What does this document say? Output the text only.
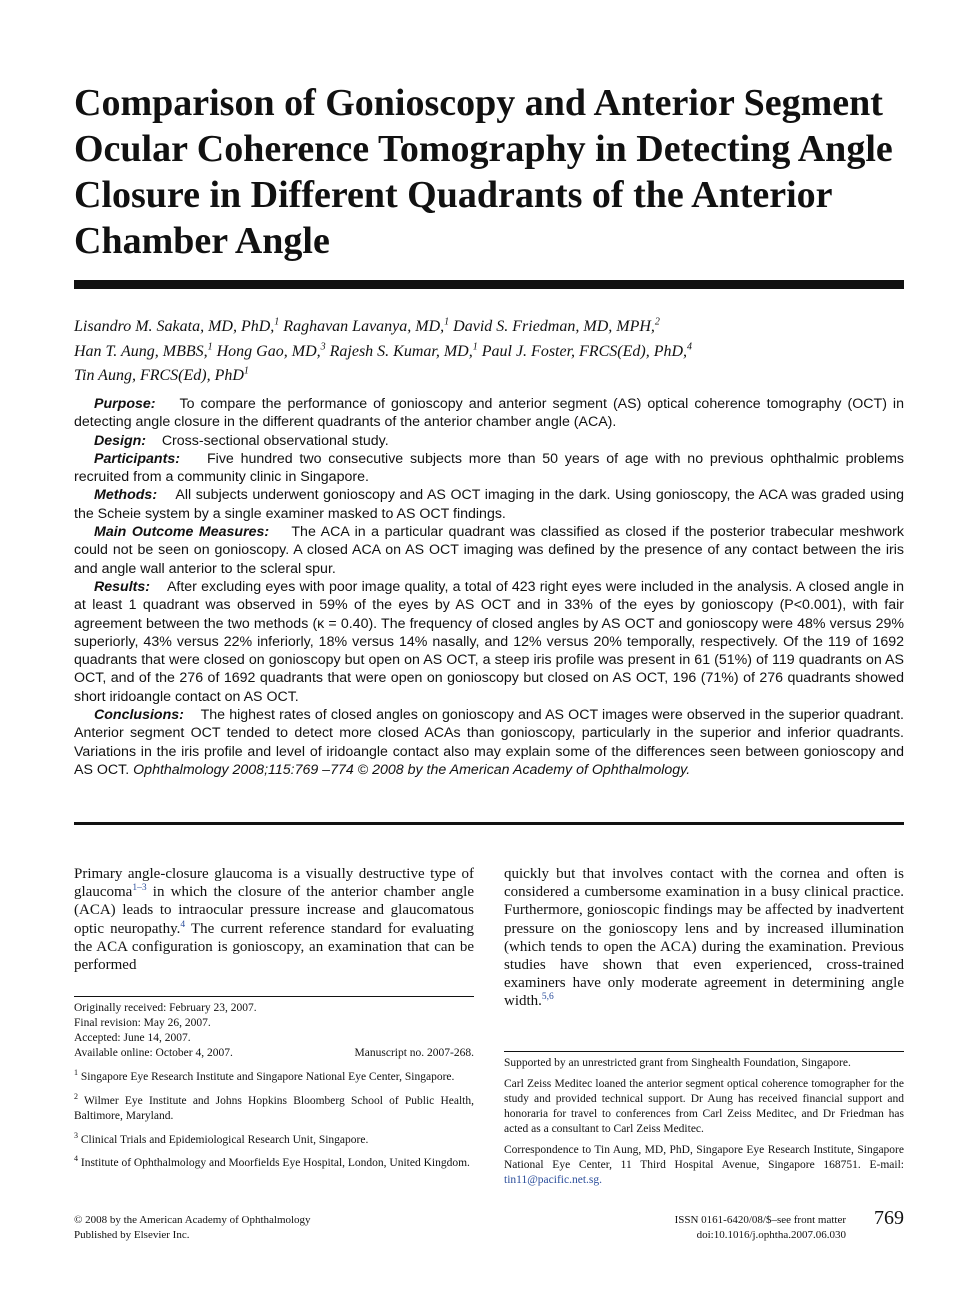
Comparison of Gonioscopy and Anterior Segment Ocular Coherence Tomography in Detecting Angle Closure in Different Quadrants of the Anterior Chamber Angle
Lisandro M. Sakata, MD, PhD,$^1$ Raghavan Lavanya, MD,$^1$ David S. Friedman, MD, MPH,$^2$
Han T. Aung, MBBS,$^1$ Hong Gao, MD,$^3$ Rajesh S. Kumar, MD,$^1$ Paul J. Foster, FRCS(Ed), PhD,$^4$
Tin Aung, FRCS(Ed), PhD$^1$

Purpose: To compare the performance of gonioscopy and anterior segment (AS) optical coherence tomography (OCT) in detecting angle closure in the different quadrants of the anterior chamber angle (ACA).

Design: Cross-sectional observational study.

Participants: Five hundred two consecutive subjects more than 50 years of age with no previous ophthalmic problems recruited from a community clinic in Singapore.

Methods: All subjects underwent gonioscopy and AS OCT imaging in the dark. Using gonioscopy, the ACA was graded using the Scheie system by a single examiner masked to AS OCT findings.

Main Outcome Measures: The ACA in a particular quadrant was classified as closed if the posterior trabecular meshwork could not be seen on gonioscopy. A closed ACA on AS OCT imaging was defined by the presence of any contact between the iris and angle wall anterior to the scleral spur.

Results: After excluding eyes with poor image quality, a total of 423 right eyes were included in the analysis. A closed angle in at least 1 quadrant was observed in 59% of the eyes by AS OCT and in 33% of the eyes by gonioscopy (P<0.001), with fair agreement between the two methods (κ = 0.40). The frequency of closed angles by AS OCT and gonioscopy were 48% versus 29% superiorly, 43% versus 22% inferiorly, 18% versus 14% nasally, and 12% versus 20% temporally, respectively. Of the 119 of 1692 quadrants that were closed on gonioscopy but open on AS OCT, a steep iris profile was present in 61 (51%) of 119 quadrants on AS OCT, and of the 276 of 1692 quadrants that were open on gonioscopy but closed on AS OCT, 196 (71%) of 276 quadrants showed short iridoangle contact on AS OCT.

Conclusions: The highest rates of closed angles on gonioscopy and AS OCT images were observed in the superior quadrant. Anterior segment OCT tended to detect more closed ACAs than gonioscopy, particularly in the superior and inferior quadrants. Variations in the iris profile and level of iridoangle contact also may explain some of the differences seen between gonioscopy and AS OCT. Ophthalmology 2008;115:769 –774 © 2008 by the American Academy of Ophthalmology.

Primary angle-closure glaucoma is a visually destructive type of glaucoma$^{1-3}$ in which the closure of the anterior chamber angle (ACA) leads to intraocular pressure increase and glaucomatous optic neuropathy.$^4$ The current reference standard for evaluating the ACA configuration is gonioscopy, an examination that can be performed

quickly but that involves contact with the cornea and often is considered a cumbersome examination in a busy clinical practice. Furthermore, gonioscopic findings may be affected by inadvertent pressure on the gonioscopy lens and by increased illumination (which tends to open the ACA) during the examination. Previous studies have shown that even experienced, cross-trained examiners have only moderate agreement in determining angle width.$^{5,6}$

Originally received: February 23, 2007.

Final revision: May 26, 2007.

Accepted: June 14, 2007.

Available online: October 4, 2007.	Manuscript no. 2007-268.

$^1$ Singapore Eye Research Institute and Singapore National Eye Center, Singapore.

$^2$ Wilmer Eye Institute and Johns Hopkins Bloomberg School of Public Health, Baltimore, Maryland.

$^3$ Clinical Trials and Epidemiological Research Unit, Singapore.

$^4$ Institute of Ophthalmology and Moorfields Eye Hospital, London, United Kingdom.

Supported by an unrestricted grant from Singhealth Foundation, Singapore.

Carl Zeiss Meditec loaned the anterior segment optical coherence tomographer for the study and provided technical support. Dr Aung has received financial support and honoraria for travel to conferences from Carl Zeiss Meditec, and Dr Friedman has acted as a consultant to Carl Zeiss Meditec.

Correspondence to Tin Aung, MD, PhD, Singapore Eye Research Institute, Singapore National Eye Center, 11 Third Hospital Avenue, Singapore 168751. E-mail: tin11@pacific.net.sg.

© 2008 by the American Academy of Ophthalmology
Published by Elsevier Inc.
ISSN 0161-6420/08/$–see front matter
doi:10.1016/j.ophtha.2007.06.030
769
